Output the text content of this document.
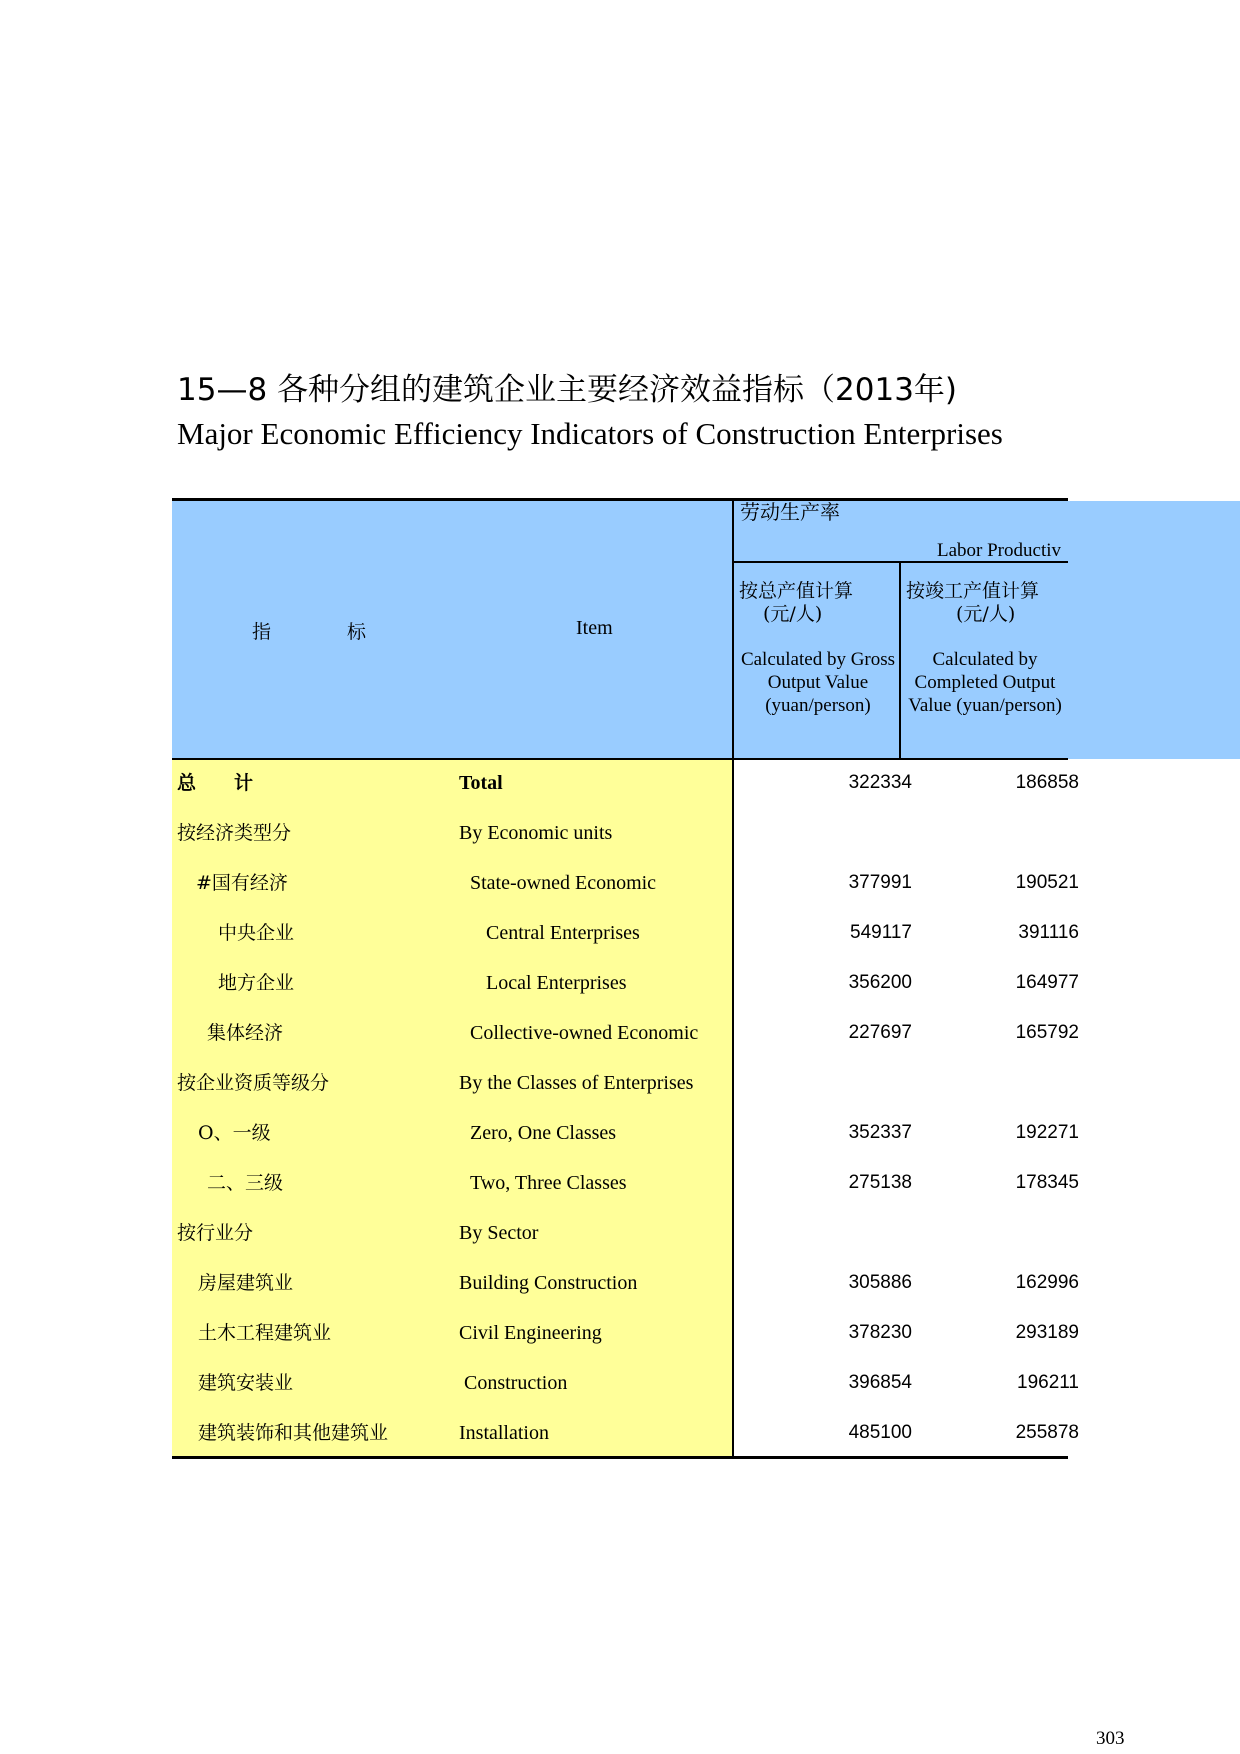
15—8 各种分组的建筑企业主要经济效益指标（2013年)
Major Economic Efficiency Indicators of Construction Enterprises
指　　　　标	Item
劳动生产率
Labor Productiv
按总产值计算
(元/人)
Calculated by Gross Output Value (yuan/person)
按竣工产值计算
(元/人)
Calculated by Completed Output Value (yuan/person)
总　　计	Total	322334	186858
按经济类型分	By Economic units
#国有经济	State-owned Economic	377991	190521
中央企业	Central Enterprises	549117	391116
地方企业	Local Enterprises	356200	164977
集体经济	Collective-owned Economic	227697	165792
按企业资质等级分	By the Classes of Enterprises
O、一级	Zero, One Classes	352337	192271
二、三级	Two, Three Classes	275138	178345
按行业分	By Sector
房屋建筑业	Building Construction	305886	162996
土木工程建筑业	Civil Engineering	378230	293189
建筑安装业	Construction	396854	196211
建筑装饰和其他建筑业	Installation	485100	255878
303
